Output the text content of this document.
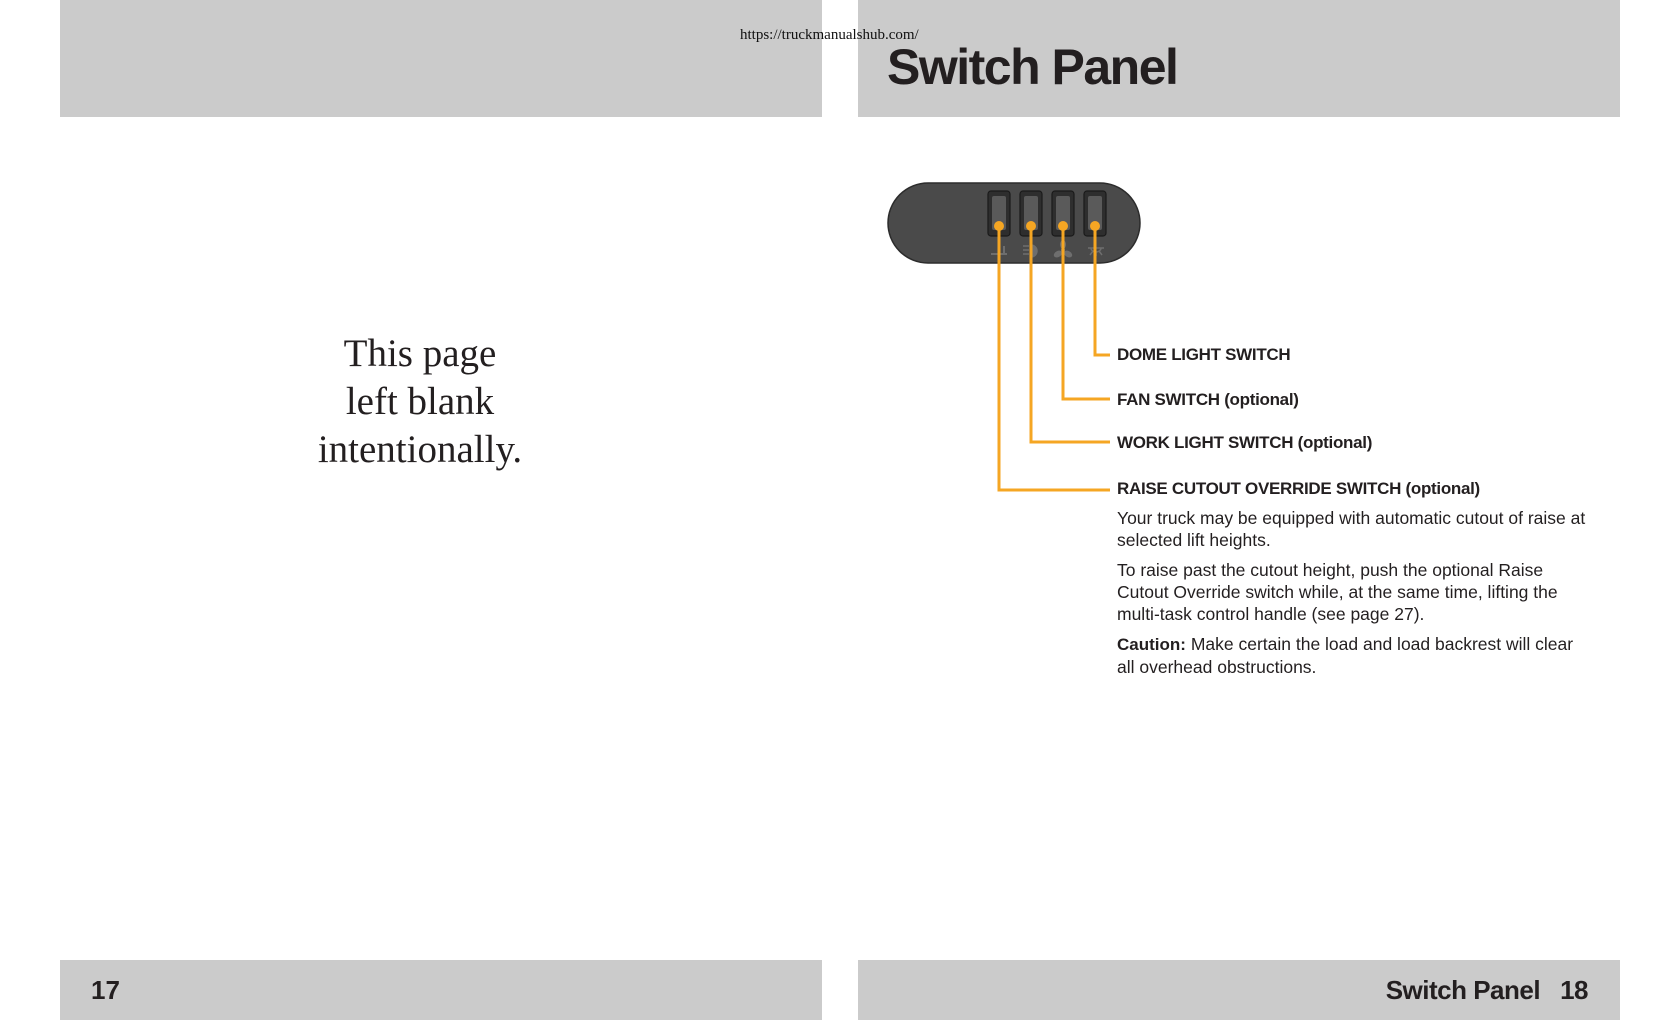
https://truckmanualshub.com/
Switch Panel
This page
left blank
intentionally.
DOME LIGHT SWITCH
FAN SWITCH (optional)
WORK LIGHT SWITCH (optional)
RAISE CUTOUT OVERRIDE SWITCH (optional)

Your truck may be equipped with automatic cutout of raise at selected lift heights.

To raise past the cutout height, push the optional Raise Cutout Override switch while, at the same time, lifting the multi-task control handle (see page 27).

Caution: Make certain the load and load backrest will clear all overhead obstructions.

17	Switch Panel 18
